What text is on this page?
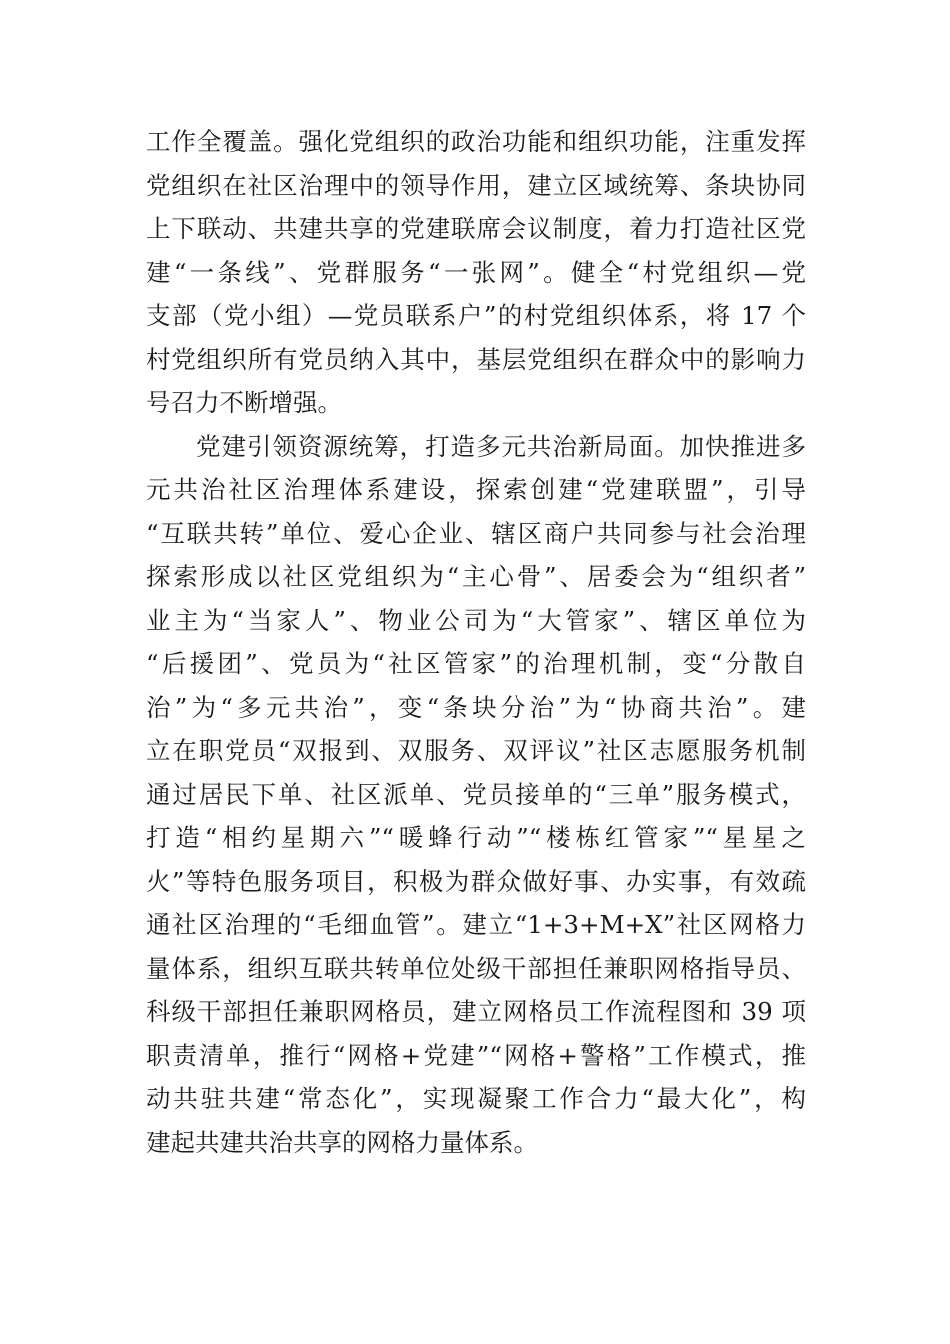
工作全覆盖。强化党组织的政治功能和组织功能，注重发挥
党组织在社区治理中的领导作用，建立区域统筹、条块协同
上下联动、共建共享的党建联席会议制度，着力打造社区党
建“一条线”、党群服务“一张网”。健全“村党组织—党
支部（党小组）—党员联系户”的村党组织体系，将 17 个
村党组织所有党员纳入其中，基层党组织在群众中的影响力
号召力不断增强。
党建引领资源统筹，打造多元共治新局面。加快推进多
元共治社区治理体系建设，探索创建“党建联盟”，引导
“互联共转”单位、爱心企业、辖区商户共同参与社会治理
探索形成以社区党组织为“主心骨”、居委会为“组织者”
业主为“当家人”、物业公司为“大管家”、辖区单位为
“后援团”、党员为“社区管家”的治理机制，变“分散自
治”为“多元共治”，变“条块分治”为“协商共治”。建
立在职党员“双报到、双服务、双评议”社区志愿服务机制
通过居民下单、社区派单、党员接单的“三单”服务模式，
打造“相约星期六”“暖蜂行动”“楼栋红管家”“星星之
火”等特色服务项目，积极为群众做好事、办实事，有效疏
通社区治理的“毛细血管”。建立“1+3+M+X”社区网格力
量体系，组织互联共转单位处级干部担任兼职网格指导员、
科级干部担任兼职网格员，建立网格员工作流程图和 39 项
职责清单，推行“网格+党建”“网格+警格”工作模式，推
动共驻共建“常态化”，实现凝聚工作合力“最大化”，构
建起共建共治共享的网格力量体系。
